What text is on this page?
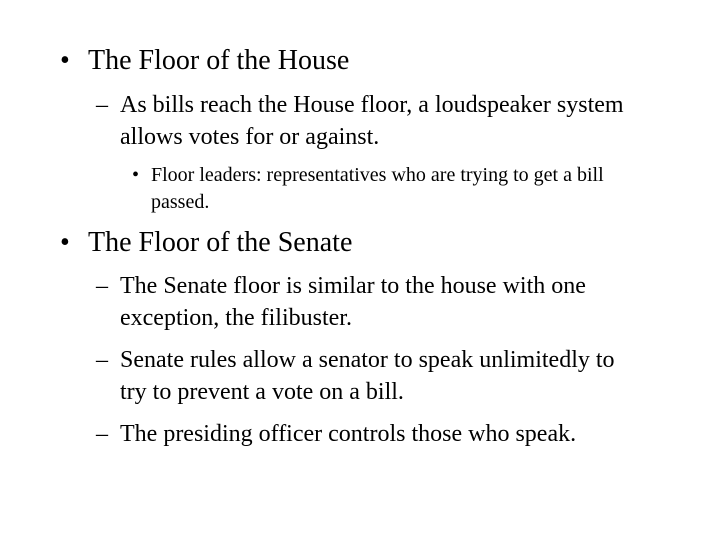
• The Floor of the House
– As bills reach the House floor, a loudspeaker system allows votes for or against.
• Floor leaders: representatives who are trying to get a bill passed.
• The Floor of the Senate
– The Senate floor is similar to the house with one exception, the filibuster.
– Senate rules allow a senator to speak unlimitedly to try to prevent a vote on a bill.
– The presiding officer controls those who speak.
